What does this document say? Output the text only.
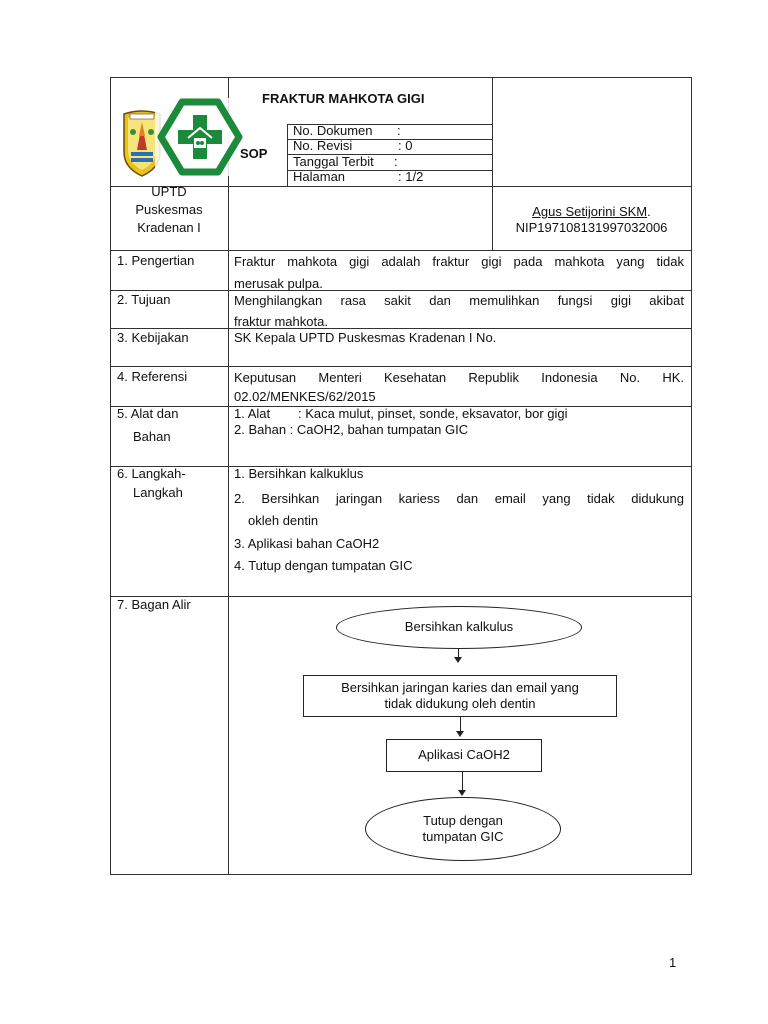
FRAKTUR MAHKOTA GIGI
SOP
No. Dokumen :
No. Revisi	: 0
Tanggal Terbit :
Halaman	: 1/2
UPTD
Puskesmas
Kradenan I
Agus Setijorini SKM.
NIP197108131997032006
1. Pengertian
2. Tujuan
3. Kebijakan
4. Referensi
5. Alat dan
Bahan
6. Langkah-
Langkah
7. Bagan Alir
Fraktur mahkota gigi adalah fraktur gigi pada mahkota yang tidak
merusak pulpa.
Menghilangkan rasa sakit dan memulihkan fungsi gigi akibat
fraktur mahkota.
SK Kepala UPTD Puskesmas Kradenan I No.
Keputusan Menteri Kesehatan Republik Indonesia No. HK.
02.02/MENKES/62/2015
1. Alat : Kaca mulut, pinset, sonde, eksavator, bor gigi
2. Bahan : CaOH2, bahan tumpatan GIC
1. Bersihkan kalkuklus
2. Bersihkan jaringan kariess dan email yang tidak didukung
okleh dentin
3. Aplikasi bahan CaOH2
4. Tutup dengan tumpatan GIC
Bersihkan kalkulus
Bersihkan jaringan karies dan email yang
tidak didukung oleh dentin
Aplikasi CaOH2
Tutup dengan
tumpatan GIC
1
